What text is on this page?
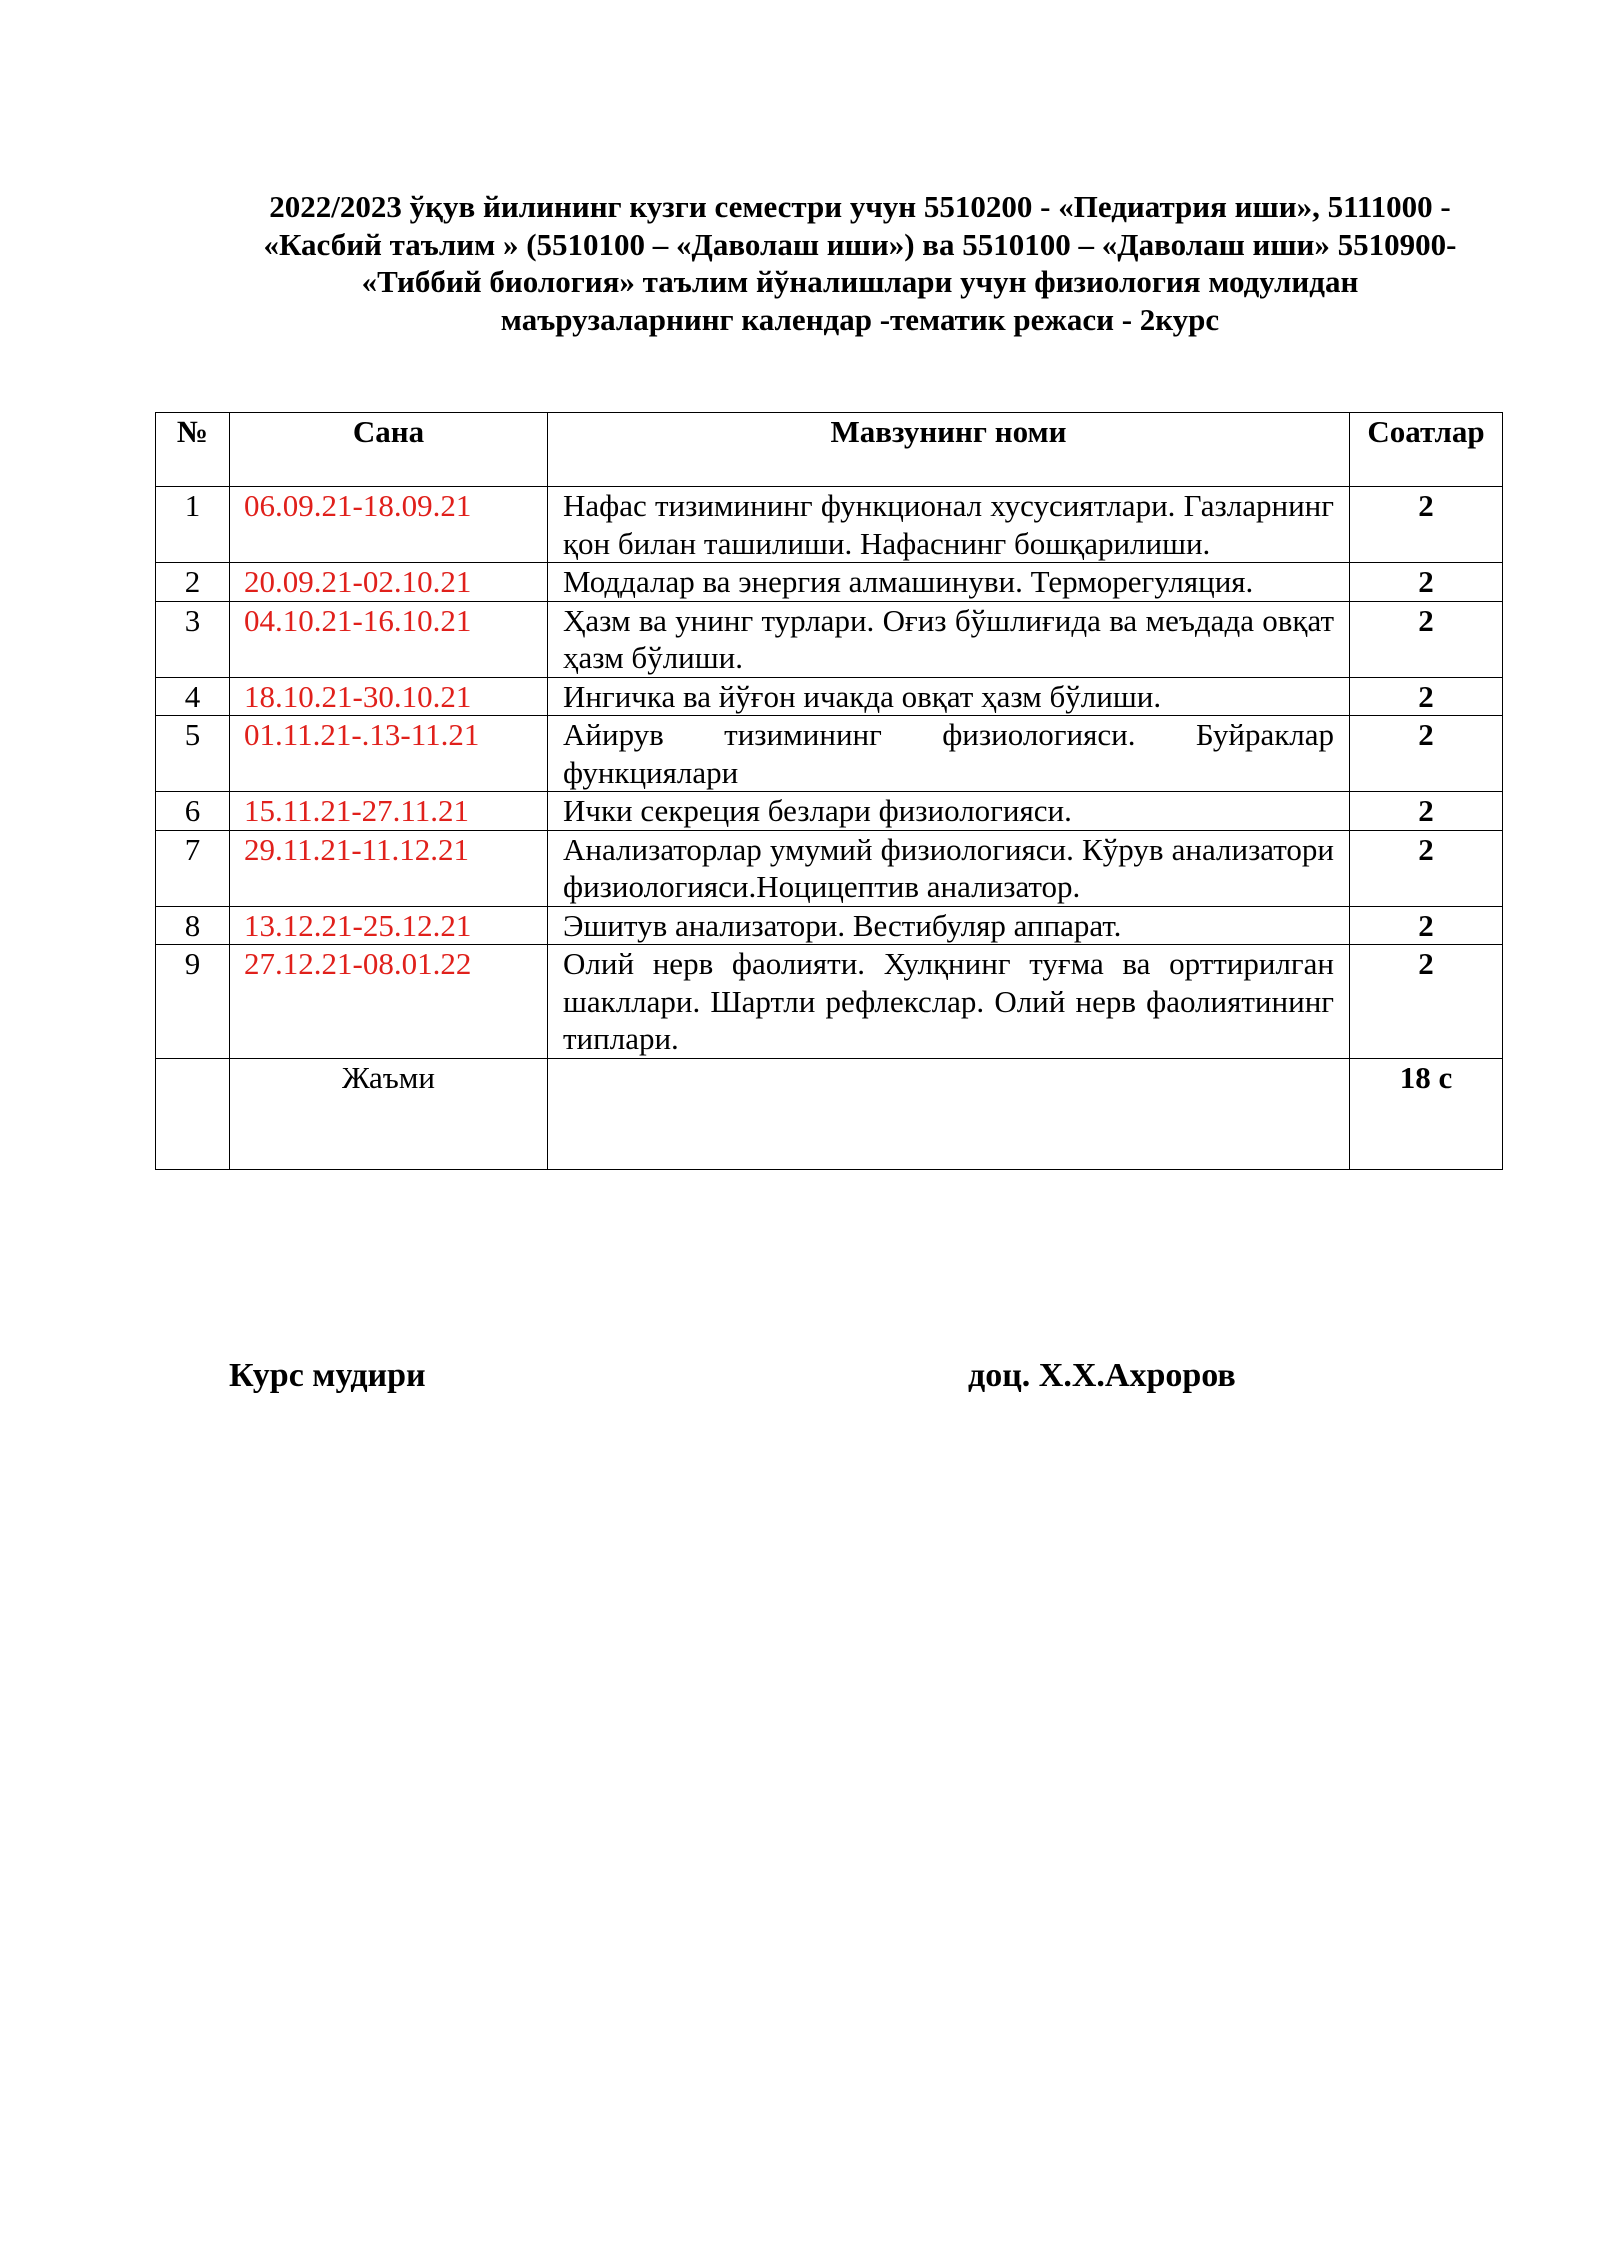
2022/2023 ўқув йилининг кузги семестри учун 5510200 - «Педиатрия иши», 5111000 -
«Касбий таълим » (5510100 – «Даволаш иши») ва 5510100 – «Даволаш иши» 5510900-
«Тиббий биология» таълим йўналишлари учун физиология модулидан
маърузаларнинг календар -тематик режаси - 2курс
№	Сана	Мавзунинг номи	Соатлар
1	06.09.21-18.09.21	Нафас тизимининг функционал хусусиятлари. Газларнинг қон билан ташилиши. Нафаснинг бошқарилиши.	2
2	20.09.21-02.10.21	Моддалар ва энергия алмашинуви. Терморегуляция.	2
3	04.10.21-16.10.21	Ҳазм ва унинг турлари. Оғиз бўшлиғида ва меъдада овқат ҳазм бўлиши.	2
4	18.10.21-30.10.21	Ингичка ва йўғон ичакда овқат ҳазм бўлиши.	2
5	01.11.21-.13-11.21	Айирув тизимининг физиологияси. Буйраклар функциялари	2
6	15.11.21-27.11.21	Ички секреция безлари физиологияси.	2
7	29.11.21-11.12.21	Анализаторлар умумий физиологияси. Кўрув анализатори физиологияси.Ноцицептив анализатор.	2
8	13.12.21-25.12.21	Эшитув анализатори. Вестибуляр аппарат.	2
9	27.12.21-08.01.22	Олий нерв фаолияти. Хулқнинг туғма ва орттирилган шакллари. Шартли рефлекслар. Олий нерв фаолиятининг типлари.	2
	Жаъми		18 с
Курс мудири	доц. Х.Х.Ахроров
